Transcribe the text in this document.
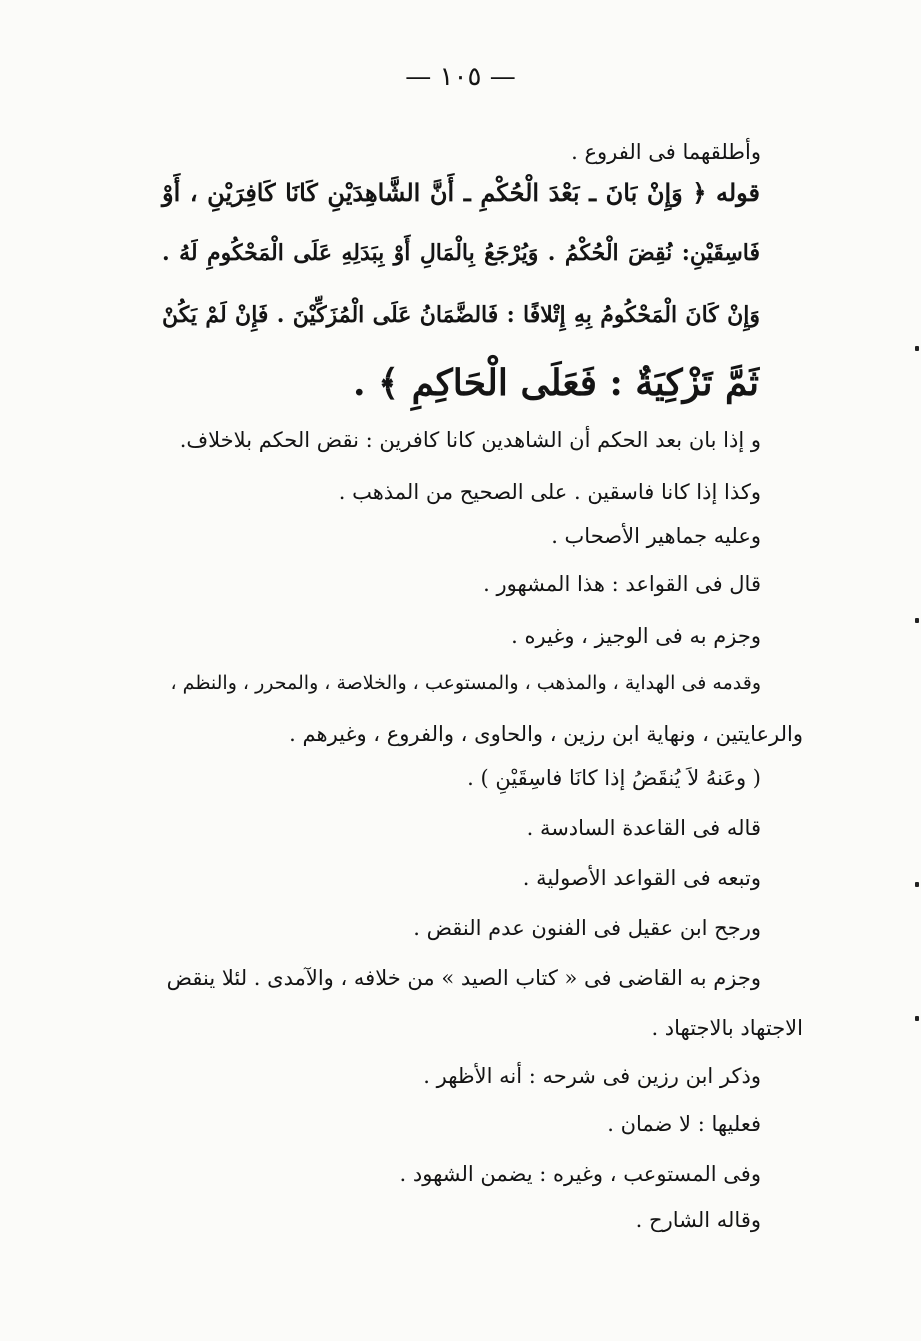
— ١٠٥ —
وأطلقهما فى الفروع .
قوله ﴿ وَإِنْ بَانَ ـ بَعْدَ الْحُكْمِ ـ أَنَّ الشَّاهِدَيْنِ كَانَا كَافِرَيْنِ ، أَوْ
فَاسِقَيْنِ: نُقِضَ الْحُكْمُ . وَيُرْجَعُ بِالْمَالِ أَوْ بِبَدَلِهِ عَلَى الْمَحْكُومِ لَهُ .
وَإِنْ كَانَ الْمَحْكُومُ بِهِ إِتْلافًا : فَالضَّمَانُ عَلَى الْمُزَكِّيْنَ . فَإِنْ لَمْ يَكُنْ
ثَمَّ تَزْكِيَةٌ : فَعَلَى الْحَاكِمِ ﴾ .
و إذا بان بعد الحكم أن الشاهدين كانا كافرين : نقض الحكم بلاخلاف.
وكذا إذا كانا فاسقين . على الصحيح من المذهب .
وعليه جماهير الأصحاب .
قال فى القواعد : هذا المشهور .
وجزم به فى الوجيز ، وغيره .
وقدمه فى الهداية ، والمذهب ، والمستوعب ، والخلاصة ، والمحرر ، والنظم ،
والرعايتين ، ونهاية ابن رزين ، والحاوى ، والفروع ، وغيرهم .
( وعَنهُ لاَ يُنقَضُ إذا كانَا فاسِقَيْنِ ) .
قاله فى القاعدة السادسة .
وتبعه فى القواعد الأصولية .
ورجح ابن عقيل فى الفنون عدم النقض .
وجزم به القاضى فى « كتاب الصيد » من خلافه ، والآمدى . لئلا ينقض
الاجتهاد بالاجتهاد .
وذكر ابن رزين فى شرحه : أنه الأظهر .
فعليها : لا ضمان .
وفى المستوعب ، وغيره : يضمن الشهود .
وقاله الشارح .
